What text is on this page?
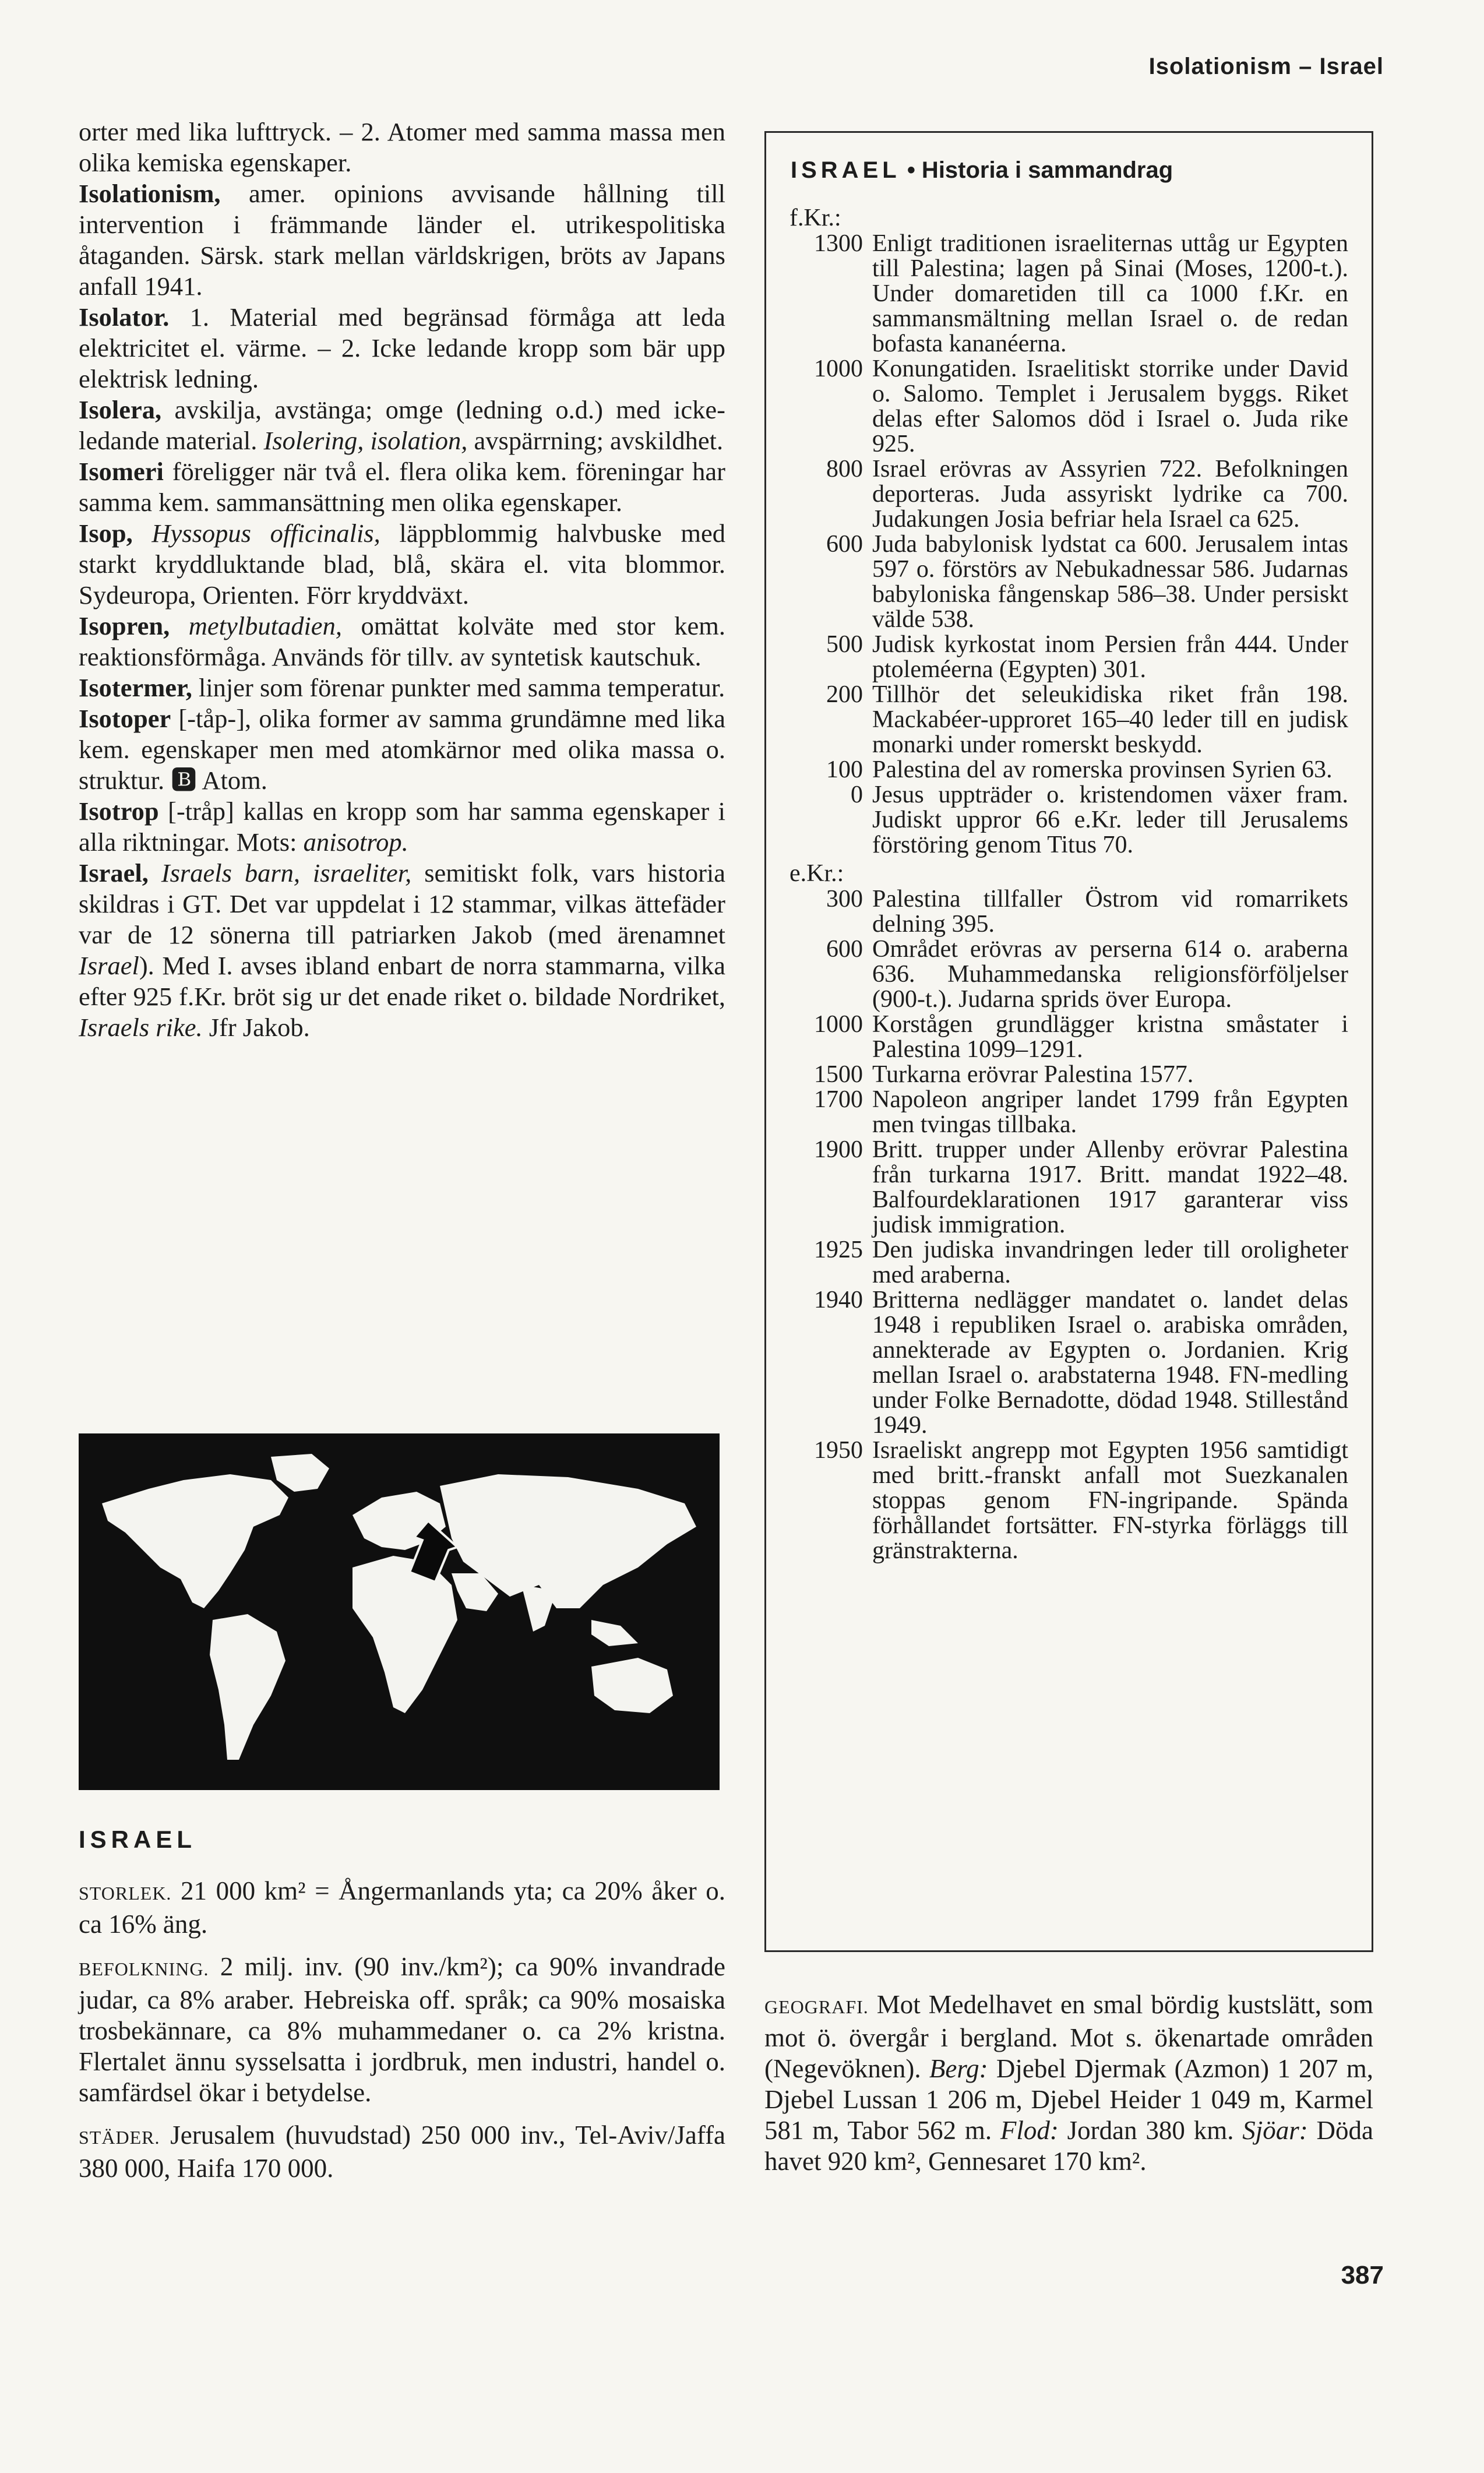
Isolationism – Israel

orter med lika lufttryck. – 2. Atomer med samma massa men olika kemiska egenskaper.

Isolationism, amer. opinions avvisande hållning till intervention i främmande länder el. utrikespolitiska åtaganden. Särsk. stark mellan världskrigen, bröts av Japans anfall 1941.

Isolator. 1. Material med begränsad förmåga att leda elektricitet el. värme. – 2. Icke ledande kropp som bär upp elektrisk ledning.

Isolera, avskilja, avstänga; omge (ledning o.d.) med icke-ledande material. Isolering, isolation, avspärrning; avskildhet.

Isomeri föreligger när två el. flera olika kem. föreningar har samma kem. sammansättning men olika egenskaper.

Isop, Hyssopus officinalis, läppblommig halvbuske med starkt kryddluktande blad, blå, skära el. vita blommor. Sydeuropa, Orienten. Förr kryddväxt.

Isopren, metylbutadien, omättat kolväte med stor kem. reaktionsförmåga. Används för tillv. av syntetisk kautschuk.

Isotermer, linjer som förenar punkter med samma temperatur.

Isotoper [-tåp-], olika former av samma grundämne med lika kem. egenskaper men med atomkärnor med olika massa o. struktur. 🅱 Atom.

Isotrop [-tråp] kallas en kropp som har samma egenskaper i alla riktningar. Mots: anisotrop.

Israel, Israels barn, israeliter, semitiskt folk, vars historia skildras i GT. Det var uppdelat i 12 stammar, vilkas ättefäder var de 12 sönerna till patriarken Jakob (med ärenamnet Israel). Med I. avses ibland enbart de norra stammarna, vilka efter 925 f.Kr. bröt sig ur det enade riket o. bildade Nordriket, Israels rike. Jfr Jakob.

ISRAEL
STORLEK. 21 000 km² = Ångermanlands yta; ca 20% åker o. ca 16% äng.
BEFOLKNING. 2 milj. inv. (90 inv./km²); ca 90% invandrade judar, ca 8% araber. Hebreiska off. språk; ca 90% mosaiska trosbekännare, ca 8% muhammedaner o. ca 2% kristna. Flertalet ännu sysselsatta i jordbruk, men industri, handel o. samfärdsel ökar i betydelse.
STÄDER. Jerusalem (huvudstad) 250 000 inv., Tel-Aviv/Jaffa 380 000, Haifa 170 000.
ISRAEL • Historia i sammandrag
f.Kr.:
1300 Enligt traditionen israeliternas uttåg ur Egypten till Palestina; lagen på Sinai (Moses, 1200-t.). Under domaretiden till ca 1000 f.Kr. en sammansmältning mellan Israel o. de redan bofasta kananéerna.
1000 Konungatiden. Israelitiskt storrike under David o. Salomo. Templet i Jerusalem byggs. Riket delas efter Salomos död i Israel o. Juda rike 925.
800 Israel erövras av Assyrien 722. Befolkningen deporteras. Juda assyriskt lydrike ca 700. Judakungen Josia befriar hela Israel ca 625.
600 Juda babylonisk lydstat ca 600. Jerusalem intas 597 o. förstörs av Nebukadnessar 586. Judarnas babyloniska fångenskap 586–38. Under persiskt välde 538.
500 Judisk kyrkostat inom Persien från 444. Under ptoleméerna (Egypten) 301.
200 Tillhör det seleukidiska riket från 198. Mackabéer-upproret 165–40 leder till en judisk monarki under romerskt beskydd.
100 Palestina del av romerska provinsen Syrien 63.
0 Jesus uppträder o. kristendomen växer fram. Judiskt uppror 66 e.Kr. leder till Jerusalems förstöring genom Titus 70.
e.Kr.:
300 Palestina tillfaller Östrom vid romarrikets delning 395.
600 Området erövras av perserna 614 o. araberna 636. Muhammedanska religionsförföljelser (900-t.). Judarna sprids över Europa.
1000 Korstågen grundlägger kristna småstater i Palestina 1099–1291.
1500 Turkarna erövrar Palestina 1577.
1700 Napoleon angriper landet 1799 från Egypten men tvingas tillbaka.
1900 Britt. trupper under Allenby erövrar Palestina från turkarna 1917. Britt. mandat 1922–48. Balfourdeklarationen 1917 garanterar viss judisk immigration.
1925 Den judiska invandringen leder till oroligheter med araberna.
1940 Britterna nedlägger mandatet o. landet delas 1948 i republiken Israel o. arabiska områden, annekterade av Egypten o. Jordanien. Krig mellan Israel o. arabstaterna 1948. FN-medling under Folke Bernadotte, dödad 1948. Stillestånd 1949.
1950 Israeliskt angrepp mot Egypten 1956 samtidigt med britt.-franskt anfall mot Suezkanalen stoppas genom FN-ingripande. Spända förhållandet fortsätter. FN-styrka förläggs till gränstrakterna.
GEOGRAFI. Mot Medelhavet en smal bördig kustslätt, som mot ö. övergår i bergland. Mot s. ökenartade områden (Negevöknen). Berg: Djebel Djermak (Azmon) 1 207 m, Djebel Lussan 1 206 m, Djebel Heider 1 049 m, Karmel 581 m, Tabor 562 m. Flod: Jordan 380 km. Sjöar: Döda havet 920 km², Gennesaret 170 km².
387
